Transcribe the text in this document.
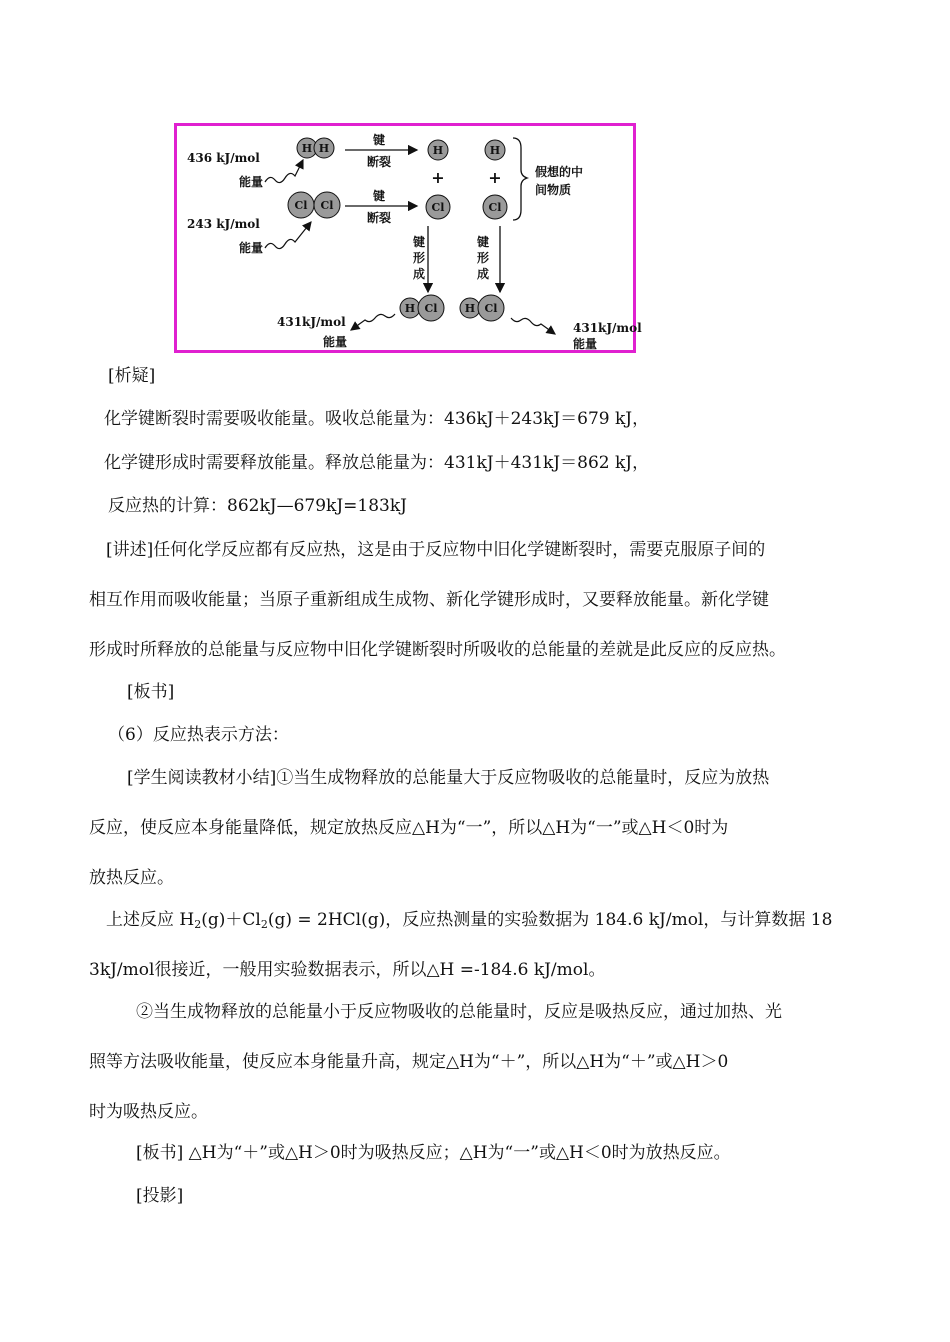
436 kJ/mol
能量
243 kJ/mol
能量
H H
Cl Cl
键
断裂
键
断裂
H
+
Cl
H
+
Cl
假想的中
间物质
键
形
成
键
形
成
H Cl H Cl
431kJ/mol
能量
431kJ/mol
能量
[析疑]
化学键断裂时需要吸收能量。吸收总能量为：436kJ＋243kJ＝679 kJ，
化学键形成时需要释放能量。释放总能量为：431kJ＋431kJ＝862 kJ，
反应热的计算：862kJ—679kJ=183kJ
[讲述]任何化学反应都有反应热，这是由于反应物中旧化学键断裂时，需要克服原子间的
相互作用而吸收能量；当原子重新组成生成物、新化学键形成时，又要释放能量。新化学键
形成时所释放的总能量与反应物中旧化学键断裂时所吸收的总能量的差就是此反应的反应热。
[板书]
（6）反应热表示方法：
[学生阅读教材小结]①当生成物释放的总能量大于反应物吸收的总能量时，反应为放热
反应，使反应本身能量降低，规定放热反应△H为“一”，所以△H为“一”或△H＜0时为
放热反应。
上述反应 $H_2(g)+Cl_2(g) = 2HCl(g)$，反应热测量的实验数据为 184.6 kJ/mol，与计算数据 18
3kJ/mol很接近，一般用实验数据表示，所以△H =-184.6 kJ/mol。
②当生成物释放的总能量小于反应物吸收的总能量时，反应是吸热反应，通过加热、光
照等方法吸收能量，使反应本身能量升高，规定△H为“＋”，所以△H为“＋”或△H＞0
时为吸热反应。
[板书] △H为“＋”或△H＞0时为吸热反应；△H为“一”或△H＜0时为放热反应。
[投影]
